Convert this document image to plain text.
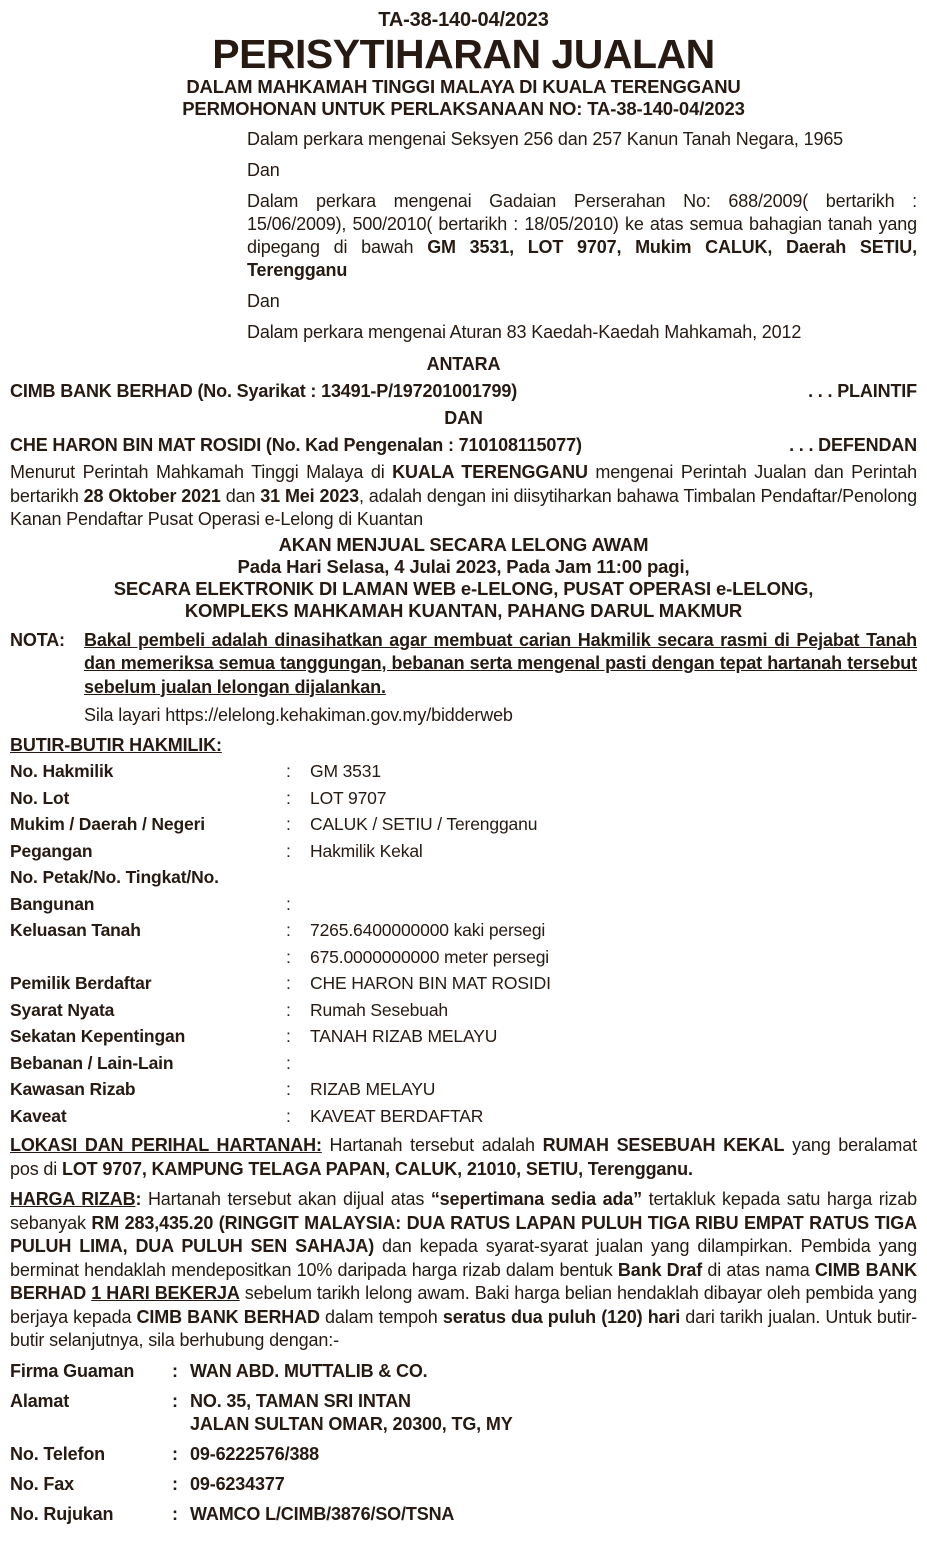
TA-38-140-04/2023
PERISYTIHARAN JUALAN
DALAM MAHKAMAH TINGGI MALAYA DI KUALA TERENGGANU
PERMOHONAN UNTUK PERLAKSANAAN NO: TA-38-140-04/2023

Dalam perkara mengenai Seksyen 256 dan 257 Kanun Tanah Negara, 1965

Dan

Dalam perkara mengenai Gadaian Perserahan No: 688/2009( bertarikh : 15/06/2009), 500/2010( bertarikh : 18/05/2010) ke atas semua bahagian tanah yang dipegang di bawah GM 3531, LOT 9707, Mukim CALUK, Daerah SETIU, Terengganu

Dan

Dalam perkara mengenai Aturan 83 Kaedah-Kaedah Mahkamah, 2012

ANTARA
CIMB BANK BERHAD (No. Syarikat : 13491-P/197201001799)	. . . PLAINTIF
DAN
CHE HARON BIN MAT ROSIDI (No. Kad Pengenalan : 710108115077)	. . . DEFENDAN

Menurut Perintah Mahkamah Tinggi Malaya di KUALA TERENGGANU mengenai Perintah Jualan dan Perintah bertarikh 28 Oktober 2021 dan 31 Mei 2023, adalah dengan ini diisytiharkan bahawa Timbalan Pendaftar/Penolong Kanan Pendaftar Pusat Operasi e-Lelong di Kuantan

AKAN MENJUAL SECARA LELONG AWAM
Pada Hari Selasa, 4 Julai 2023, Pada Jam 11:00 pagi,
SECARA ELEKTRONIK DI LAMAN WEB e-LELONG, PUSAT OPERASI e-LELONG,
KOMPLEKS MAHKAMAH KUANTAN, PAHANG DARUL MAKMUR
NOTA:	Bakal pembeli adalah dinasihatkan agar membuat carian Hakmilik secara rasmi di Pejabat Tanah dan memeriksa semua tanggungan, bebanan serta mengenal pasti dengan tepat hartanah tersebut sebelum jualan lelongan dijalankan.
Sila layari https://elelong.kehakiman.gov.my/bidderweb
BUTIR-BUTIR HAKMILIK:
No. Hakmilik	:	GM 3531
No. Lot	:	LOT 9707
Mukim / Daerah / Negeri	:	CALUK / SETIU / Terengganu
Pegangan	:	Hakmilik Kekal
No. Petak/No. Tingkat/No.
Bangunan	:
Keluasan Tanah	:	7265.6400000000 kaki persegi
:	675.0000000000 meter persegi
Pemilik Berdaftar	:	CHE HARON BIN MAT ROSIDI
Syarat Nyata	:	Rumah Sesebuah
Sekatan Kepentingan	:	TANAH RIZAB MELAYU
Bebanan / Lain-Lain	:
Kawasan Rizab	:	RIZAB MELAYU
Kaveat	:	KAVEAT BERDAFTAR

LOKASI DAN PERIHAL HARTANAH: Hartanah tersebut adalah RUMAH SESEBUAH KEKAL yang beralamat pos di LOT 9707, KAMPUNG TELAGA PAPAN, CALUK, 21010, SETIU, Terengganu.

HARGA RIZAB: Hartanah tersebut akan dijual atas “sepertimana sedia ada” tertakluk kepada satu harga rizab sebanyak RM 283,435.20 (RINGGIT MALAYSIA: DUA RATUS LAPAN PULUH TIGA RIBU EMPAT RATUS TIGA PULUH LIMA, DUA PULUH SEN SAHAJA) dan kepada syarat-syarat jualan yang dilampirkan. Pembida yang berminat hendaklah mendepositkan 10% daripada harga rizab dalam bentuk Bank Draf di atas nama CIMB BANK BERHAD 1 HARI BEKERJA sebelum tarikh lelong awam. Baki harga belian hendaklah dibayar oleh pembida yang berjaya kepada CIMB BANK BERHAD dalam tempoh seratus dua puluh (120) hari dari tarikh jualan. Untuk butir-butir selanjutnya, sila berhubung dengan:-

Firma Guaman	: WAN ABD. MUTTALIB & CO.
Alamat	: NO. 35, TAMAN SRI INTAN
JALAN SULTAN OMAR, 20300, TG, MY
No. Telefon	: 09-6222576/388
No. Fax	: 09-6234377
No. Rujukan	: WAMCO L/CIMB/3876/SO/TSNA
